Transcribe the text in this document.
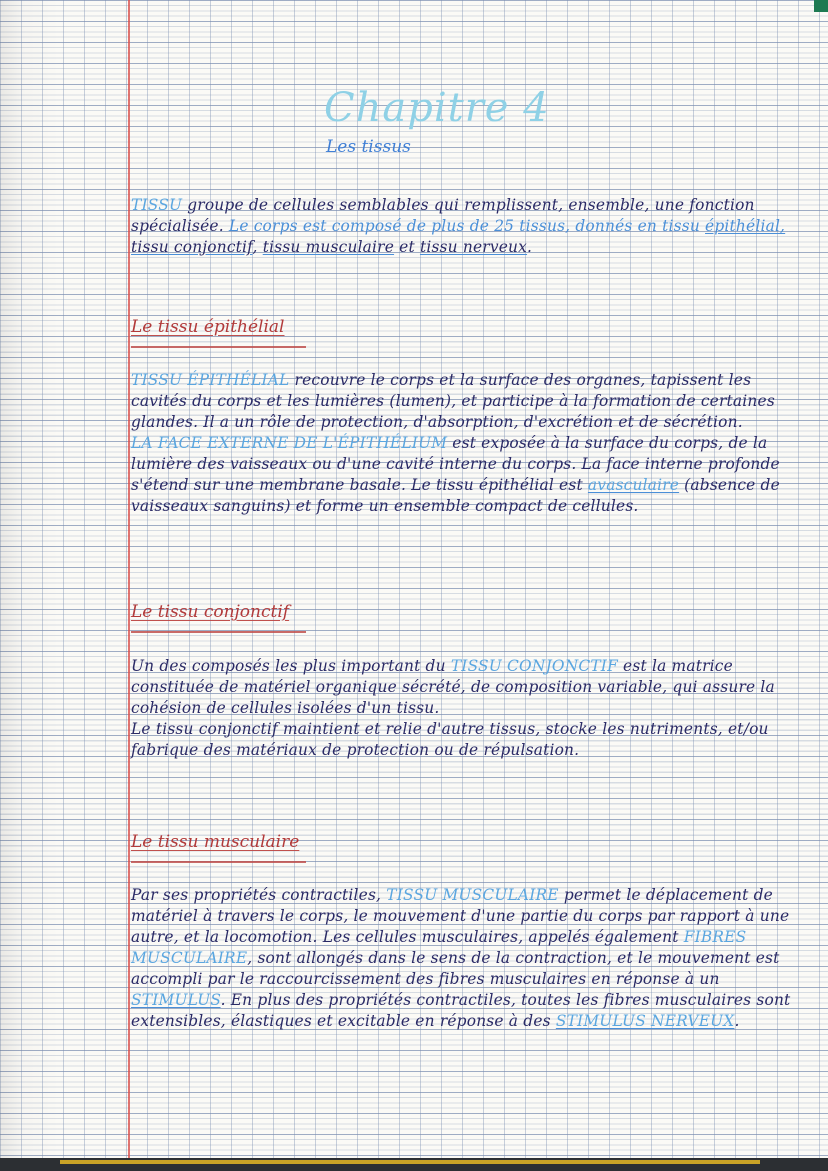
Chapitre 4
Les tissus

TISSU groupe de cellules semblables qui remplissent, ensemble, une fonction spécialisée. Le corps est composé de plus de 25 tissus, donnés en tissu épithélial, tissu conjonctif, tissu musculaire et tissu nerveux.

Le tissu épithélial

TISSU ÉPITHÉLIAL recouvre le corps et la surface des organes, tapissent les cavités du corps et les lumières (lumen), et participe à la formation de certaines glandes. Il a un rôle de protection, d'absorption, d'excrétion et de sécrétion.
LA FACE EXTERNE DE L'ÉPITHÉLIUM est exposée à la surface du corps, de la lumière des vaisseaux ou d'une cavité interne du corps. La face interne profonde s'étend sur une membrane basale. Le tissu épithélial est avasculaire (absence de vaisseaux sanguins) et forme un ensemble compact de cellules.

Le tissu conjonctif

Un des composés les plus important du TISSU CONJONCTIF est la matrice constituée de matériel organique sécrété, de composition variable, qui assure la cohésion de cellules isolées d'un tissu.
Le tissu conjonctif maintient et relie d'autre tissus, stocke les nutriments, et/ou fabrique des matériaux de protection ou de répulsation.

Le tissu musculaire

Par ses propriétés contractiles, TISSU MUSCULAIRE permet le déplacement de matériel à travers le corps, le mouvement d'une partie du corps par rapport à une autre, et la locomotion. Les cellules musculaires, appelés également FIBRES MUSCULAIRE, sont allongés dans le sens de la contraction, et le mouvement est accompli par le raccourcissement des fibres musculaires en réponse à un STIMULUS. En plus des propriétés contractiles, toutes les fibres musculaires sont extensibles, élastiques et excitable en réponse à des STIMULUS NERVEUX.
